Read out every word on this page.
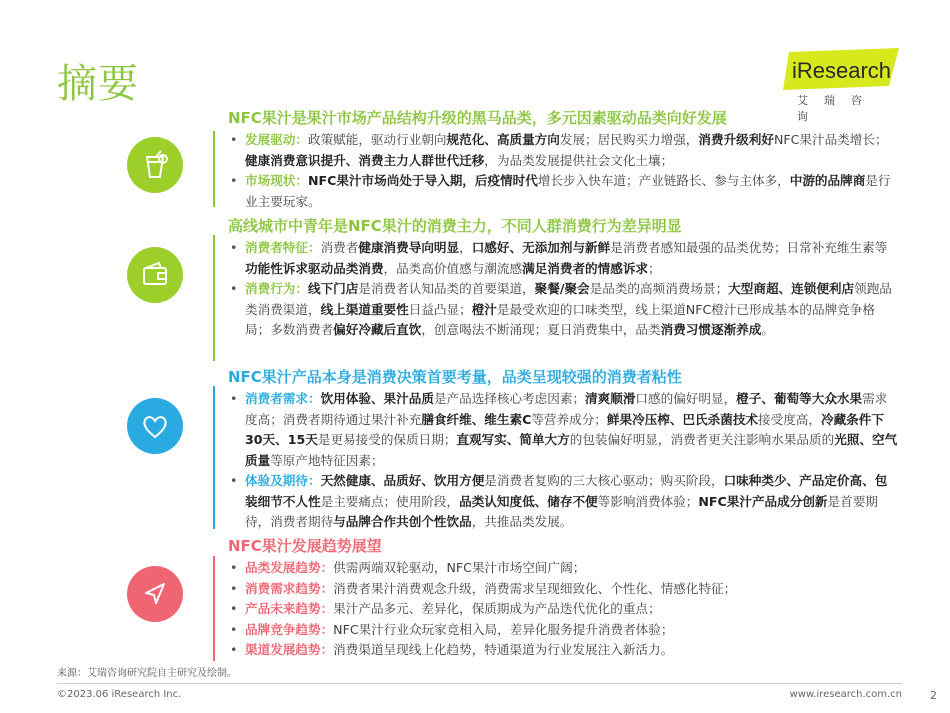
摘要	iResearch
艾瑞咨询
NFC果汁是果汁市场产品结构升级的黑马品类，多元因素驱动品类向好发展
• 发展驱动：政策赋能，驱动行业朝向规范化、高质量方向发展；居民购买力增强，消费升级利好NFC果汁品类增长；健康消费意识提升、消费主力人群世代迁移，为品类发展提供社会文化土壤；
• 市场现状：NFC果汁市场尚处于导入期，后疫情时代增长步入快车道；产业链路长、参与主体多，中游的品牌商是行业主要玩家。
高线城市中青年是NFC果汁的消费主力，不同人群消费行为差异明显
• 消费者特征：消费者健康消费导向明显，口感好、无添加剂与新鲜是消费者感知最强的品类优势；日常补充维生素等功能性诉求驱动品类消费，品类高价值感与潮流感满足消费者的情感诉求；
• 消费行为：线下门店是消费者认知品类的首要渠道，聚餐/聚会是品类的高频消费场景；大型商超、连锁便利店领跑品类消费渠道，线上渠道重要性日益凸显；橙汁是最受欢迎的口味类型，线上渠道NFC橙汁已形成基本的品牌竞争格局；多数消费者偏好冷藏后直饮，创意喝法不断涌现；夏日消费集中，品类消费习惯逐渐养成。
NFC果汁产品本身是消费决策首要考量，品类呈现较强的消费者粘性
• 消费者需求：饮用体验、果汁品质是产品选择核心考虑因素；清爽顺滑口感的偏好明显，橙子、葡萄等大众水果需求度高；消费者期待通过果汁补充膳食纤维、维生素C等营养成分；鲜果冷压榨、巴氏杀菌技术接受度高，冷藏条件下30天、15天是更易接受的保质日期；直观写实、简单大方的包装偏好明显，消费者更关注影响水果品质的光照、空气质量等原产地特征因素；
• 体验及期待：天然健康、品质好、饮用方便是消费者复购的三大核心驱动；购买阶段，口味种类少、产品定价高、包装细节不人性是主要痛点；使用阶段，品类认知度低、储存不便等影响消费体验；NFC果汁产品成分创新是首要期待，消费者期待与品牌合作共创个性饮品，共推品类发展。
NFC果汁发展趋势展望
• 品类发展趋势：供需两端双轮驱动，NFC果汁市场空间广阔；
• 消费需求趋势：消费者果汁消费观念升级，消费需求呈现细致化、个性化、情感化特征；
• 产品未来趋势：果汁产品多元、差异化，保质期成为产品迭代优化的重点；
• 品牌竞争趋势：NFC果汁行业众玩家竞相入局，差异化服务提升消费者体验；
• 渠道发展趋势：消费渠道呈现线上化趋势，特通渠道为行业发展注入新活力。
来源：艾瑞咨询研究院自主研究及绘制。
©2023.06 iResearch Inc.	www.iresearch.com.cn	2
